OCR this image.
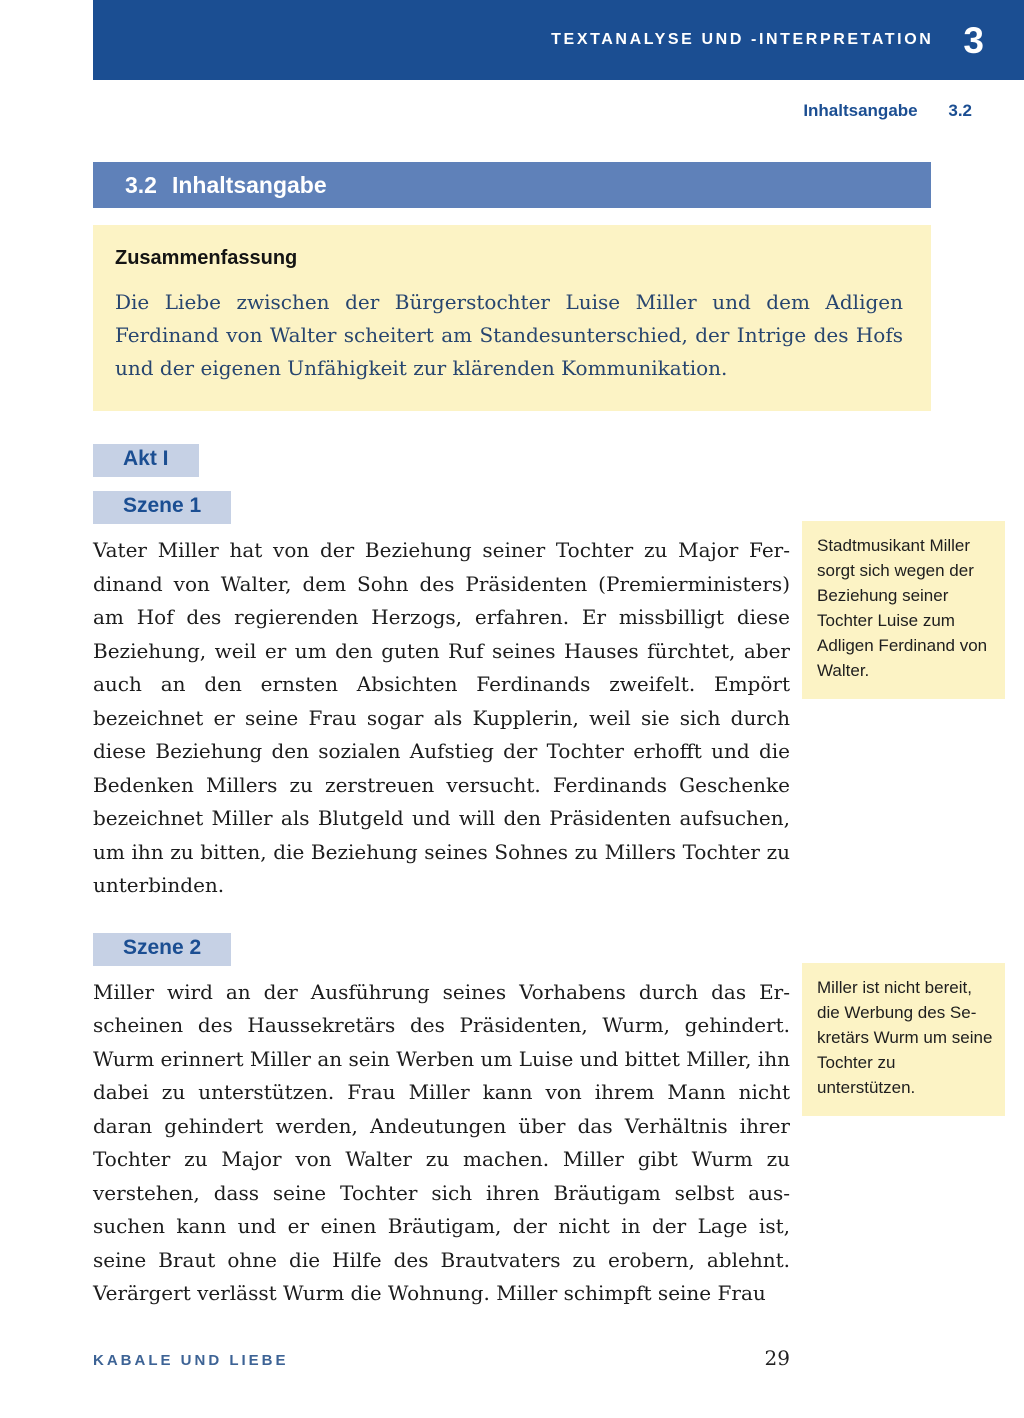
TEXTANALYSE UND -INTERPRETATION 3
Inhaltsangabe 3.2
3.2 Inhaltsangabe
Zusammenfassung

Die Liebe zwischen der Bürgerstochter Luise Miller und dem Adligen Ferdinand von Walter scheitert am Standesunterschied, der Intrige des Hofs und der eigenen Unfähigkeit zur klärenden Kommunikation.

Akt I
Szene 1

Vater Miller hat von der Beziehung seiner Tochter zu Major Ferdinand von Walter, dem Sohn des Präsidenten (Premierministers) am Hof des regierenden Herzogs, erfahren. Er missbilligt diese Beziehung, weil er um den guten Ruf seines Hauses fürchtet, aber auch an den ernsten Absichten Ferdinands zweifelt. Empört bezeichnet er seine Frau sogar als Kupplerin, weil sie sich durch diese Beziehung den sozialen Aufstieg der Tochter erhofft und die Bedenken Millers zu zerstreuen versucht. Ferdinands Geschenke bezeichnet Miller als Blutgeld und will den Präsidenten aufsuchen, um ihn zu bitten, die Beziehung seines Sohnes zu Millers Tochter zu unterbinden.

Stadtmusikant Miller sorgt sich wegen der Beziehung seiner Tochter Luise zum Adligen Ferdinand von Walter.
Szene 2

Miller wird an der Ausführung seines Vorhabens durch das Erscheinen des Haussekretärs des Präsidenten, Wurm, gehindert. Wurm erinnert Miller an sein Werben um Luise und bittet Miller, ihn dabei zu unterstützen. Frau Miller kann von ihrem Mann nicht daran gehindert werden, Andeutungen über das Verhältnis ihrer Tochter zu Major von Walter zu machen. Miller gibt Wurm zu verstehen, dass seine Tochter sich ihren Bräutigam selbst aussuchen kann und er einen Bräutigam, der nicht in der Lage ist, seine Braut ohne die Hilfe des Brautvaters zu erobern, ablehnt. Verärgert verlässt Wurm die Wohnung. Miller schimpft seine Frau

Miller ist nicht bereit, die Werbung des Sekretärs Wurm um seine Tochter zu unterstützen.
KABALE UND LIEBE	29
